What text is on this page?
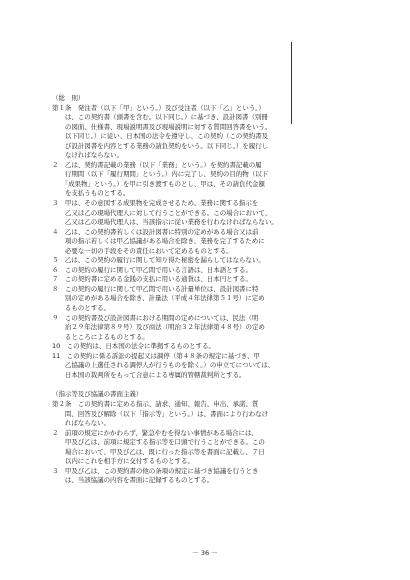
（総　則）
第１条　発注者（以下「甲」という。）及び受注者（以下「乙」という。）
　　は、この契約書（頭書を含む。以下同じ。）に基づき、設計図書（別冊
　　の図面、仕様書、現場説明書及び現場説明に対する質問回答書をいう。
　　以下同じ。）に従い、日本国の法令を遵守し、この契約（この契約書及
　　び設計図書を内容とする業務の請負契約をいう。以下同じ。）を履行し
　　なければならない。
２　乙は、契約書記載の業務（以下「業務」という。）を契約書記載の履
　　行期間（以下「履行期間」という。）内に完了し、契約の目的物（以下
　　「成果物」という。）を甲に引き渡すものとし、甲は、その請負代金額
　　を支払うものとする。
３　甲は、その意図する成果物を完成させるため、業務に関する指示を
　　乙又は乙の現場代理人に対して行うことができる。この場合において、
　　乙又は乙の現場代理人は、当該指示に従い業務を行わなければならない。
４　乙は、この契約書若しくは設計図書に特別の定めがある場合又は前
　　項の指示若しくは甲乙協議がある場合を除き、業務を完了するために
　　必要な一切の手段をその責任において定めるものとする。
５　乙は、この契約の履行に関して知り得た秘密を漏らしてはならない。
６　この契約の履行に関して甲乙間で用いる言語は、日本語とする。
７　この契約書に定める金銭の支払に用いる通貨は、日本円とする。
８　この契約の履行に関して甲乙間で用いる計量単位は、設計図書に特
　　別の定めがある場合を除き、計量法（平成４年法律第５１号）に定め
　　るものとする。
９　この契約書及び設計図書における期間の定めについては、民法（明
　　治２９年法律第８９号）及び商法（明治３２年法律第４８号）の定め
　　るところによるものとする。
10　この契約は、日本国の法令に準拠するものとする。
11　この契約に係る訴訟の提起又は調停（第４８条の規定に基づき、甲
　　乙協議の上選任される調停人が行うものを除く。）の申立てについては、
　　日本国の裁判所をもって合意による専属的管轄裁判所とする。
（指示等及び協議の書面主義）
第２条　この契約書に定める指示、請求、通知、報告、申出、承諾、質
　　問、回答及び解除（以下「指示等」という。）は、書面により行わなけ
　　ればならない。
２　前項の規定にかかわらず、緊急やむを得ない事情がある場合には、
　　甲及び乙は、前項に規定する指示等を口頭で行うことができる。この
　　場合において、甲及び乙は、既に行った指示等を書面に記載し、７日
　　以内にこれを相手方に交付するものとする。
３　甲及び乙は、この契約書の他の条項の規定に基づき協議を行うとき
　　は、当該協議の内容を書面に記録するものとする。
－ 36 －
